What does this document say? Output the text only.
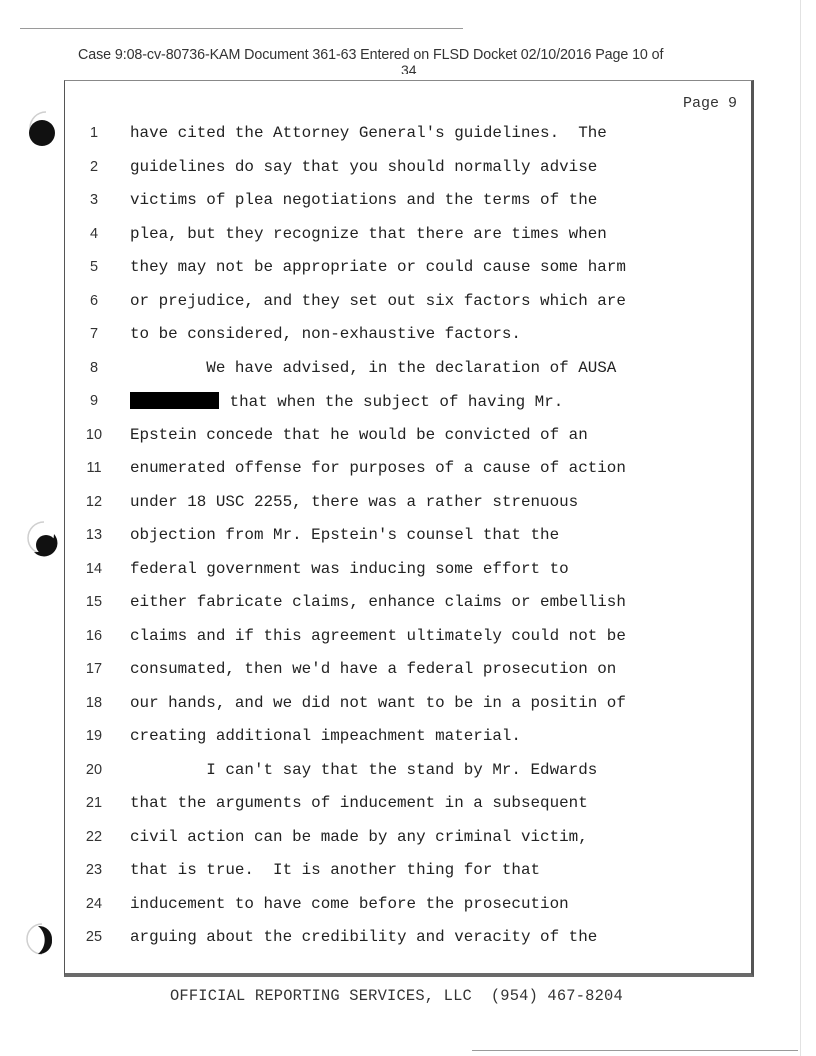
Case 9:08-cv-80736-KAM Document 361-63 Entered on FLSD Docket 02/10/2016 Page 10 of
34
Page 9
1	have cited the Attorney General's guidelines.  The
2	guidelines do say that you should normally advise
3	victims of plea negotiations and the terms of the
4	plea, but they recognize that there are times when
5	they may not be appropriate or could cause some harm
6	or prejudice, and they set out six factors which are
7	to be considered, non-exhaustive factors.
8	We have advised, in the declaration of AUSA
9	that when the subject of having Mr.
10	Epstein concede that he would be convicted of an
11	enumerated offense for purposes of a cause of action
12	under 18 USC 2255, there was a rather strenuous
13	objection from Mr. Epstein's counsel that the
14	federal government was inducing some effort to
15	either fabricate claims, enhance claims or embellish
16	claims and if this agreement ultimately could not be
17	consumated, then we'd have a federal prosecution on
18	our hands, and we did not want to be in a positin of
19	creating additional impeachment material.
20	I can't say that the stand by Mr. Edwards
21	that the arguments of inducement in a subsequent
22	civil action can be made by any criminal victim,
23	that is true.  It is another thing for that
24	inducement to have come before the prosecution
25	arguing about the credibility and veracity of the
OFFICIAL REPORTING SERVICES, LLC  (954) 467-8204
